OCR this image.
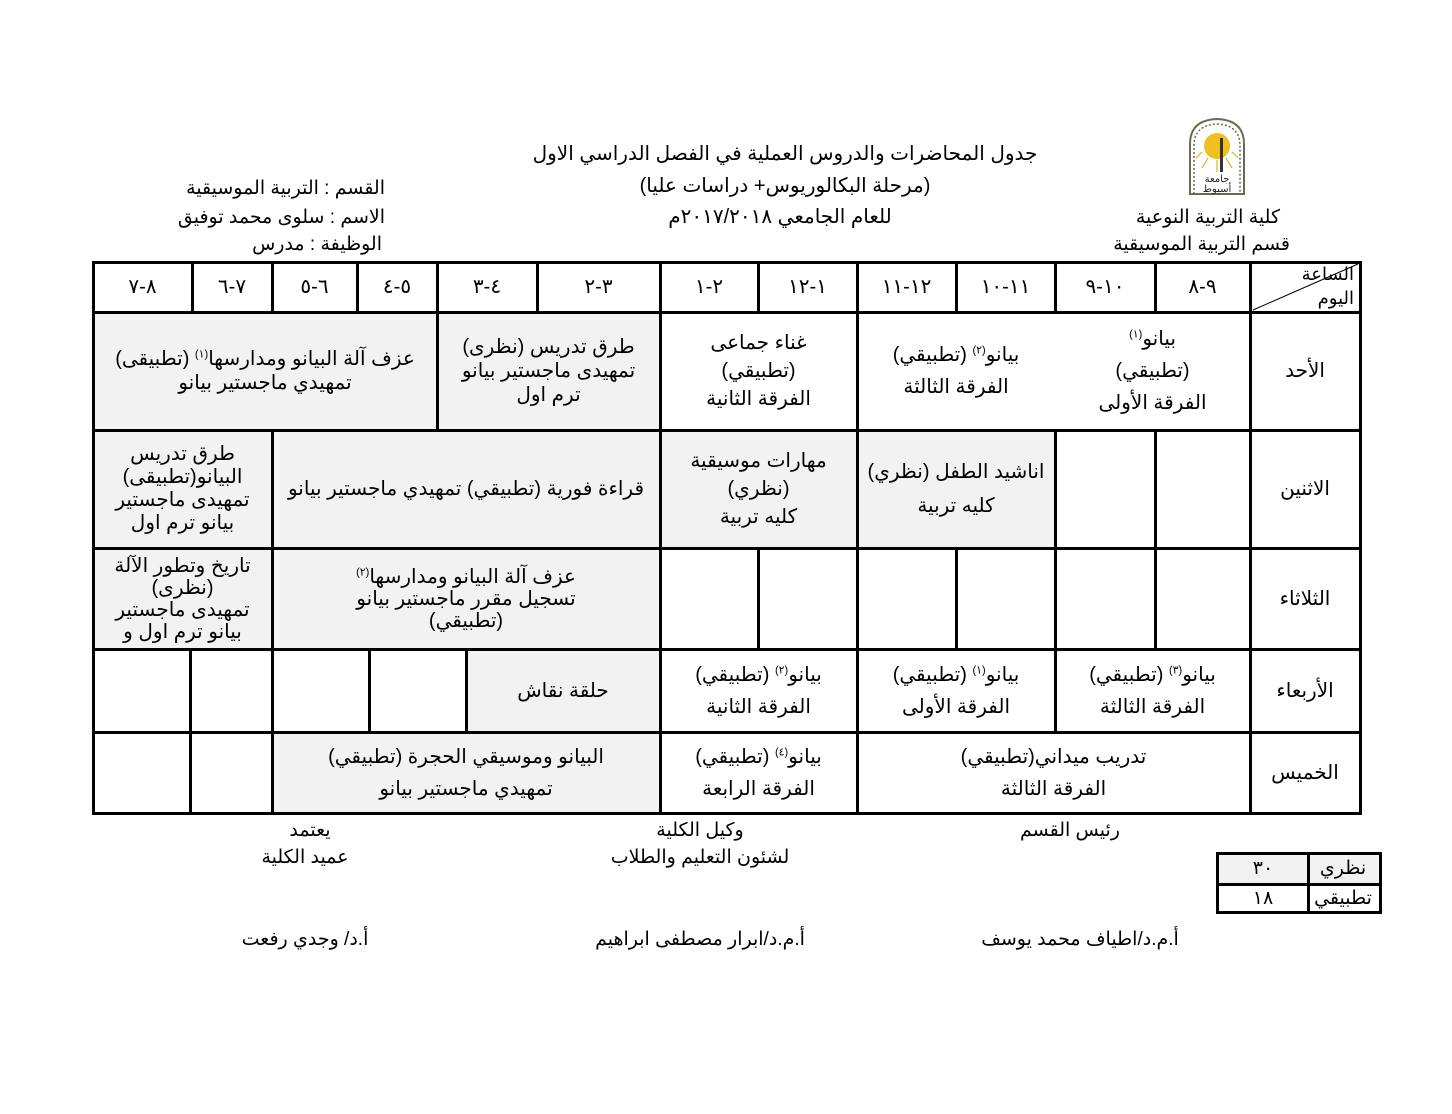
جامعة
أسيوط
جدول المحاضرات والدروس العملية في الفصل الدراسي الاول
(مرحلة البكالوريوس+ دراسات عليا)
للعام الجامعي ٢٠١٧/٢٠١٨م	كلية التربية النوعية
قسم التربية الموسيقية
القسم : التربية الموسيقية
الاسم : سلوى محمد توفيق
الوظيفة : مدرس
الساعة
اليوم
٩-٨
١٠-٩
١١-١٠
١٢-١١
١-١٢
٢-١
٣-٢
٤-٣
٥-٤
٦-٥
٧-٦
٨-٧
الأحد
الاثنين
الثلاثاء
الأربعاء
الخميس
بيانو$^{(١)}$
(تطبيقي)
الفرقة الأولى
بيانو$^{(٢)}$ (تطبيقي)
الفرقة الثالثة
غناء جماعى
(تطبيقي)
الفرقة الثانية
طرق تدريس (نظرى)
تمهيدى ماجستير بيانو
ترم اول
عزف آلة البيانو ومدارسها$^{(١)}$ (تطبيقى)
تمهيدي ماجستير بيانو
اناشيد الطفل (نظري)
كليه تربية
مهارات موسيقية
(نظري)
كليه تربية
قراءة فورية (تطبيقي) تمهيدي ماجستير بيانو
طرق تدريس
البيانو(تطبيقى)
تمهيدى ماجستير
بيانو ترم اول
عزف آلة البيانو ومدارسها$^{(٢)}$
تسجيل مقرر ماجستير بيانو
(تطبيقي)
تاريخ وتطور الآلة
(نظرى)
تمهيدى ماجستير
بيانو ترم اول و
بيانو$^{(٣)}$ (تطبيقي)
الفرقة الثالثة
بيانو$^{(١)}$ (تطبيقي)
الفرقة الأولى
بيانو$^{(٢)}$ (تطبيقي)
الفرقة الثانية
حلقة نقاش
تدريب ميداني(تطبيقي)
الفرقة الثالثة
بيانو$^{(٤)}$ (تطبيقي)
الفرقة الرابعة
البيانو وموسيقي الحجرة (تطبيقي)
تمهيدي ماجستير بيانو
رئيس القسم
وكيل الكلية
لشئون التعليم والطلاب
يعتمد
عميد الكلية
أ.م.د/اطياف محمد يوسف
أ.م.د/ابرار مصطفى ابراهيم
أ.د/ وجدي رفعت
نظري
٣٠
تطبيقي
١٨
